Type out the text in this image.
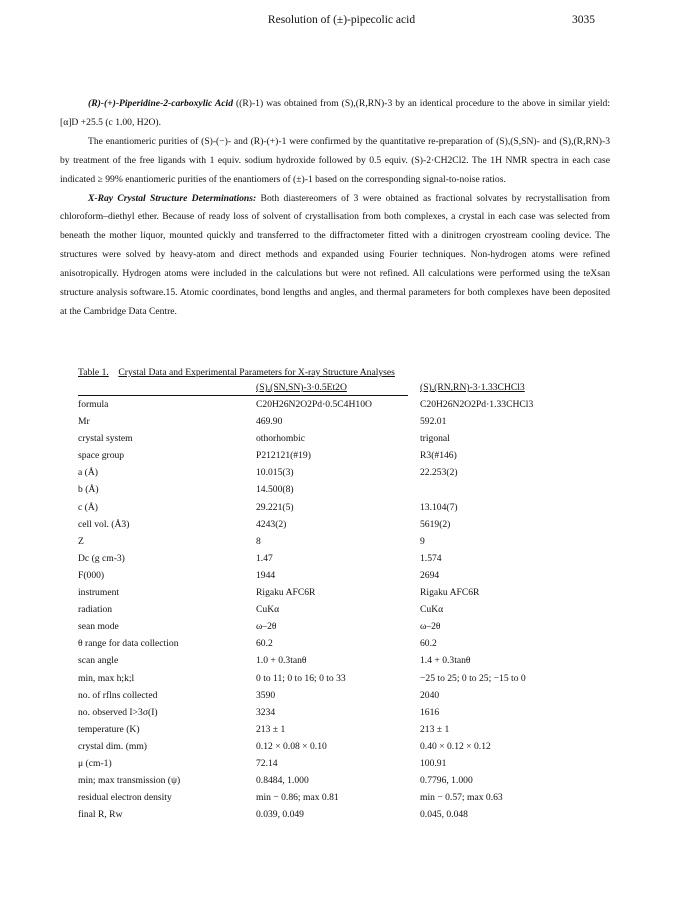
Resolution of (±)-pipecolic acid	3035

(R)-(+)-Piperidine-2-carboxylic Acid ((R)-1) was obtained from (S),(R,RN)-3 by an identical procedure to the above in similar yield: [α]D +25.5 (c 1.00, H2O).

The enantiomeric purities of (S)-(−)- and (R)-(+)-1 were confirmed by the quantitative re-preparation of (S),(S,SN)- and (S),(R,RN)-3 by treatment of the free ligands with 1 equiv. sodium hydroxide followed by 0.5 equiv. (S)-2·CH2Cl2. The 1H NMR spectra in each case indicated ≥ 99% enantiomeric purities of the enantiomers of (±)-1 based on the corresponding signal-to-noise ratios.

X-Ray Crystal Structure Determinations: Both diastereomers of 3 were obtained as fractional solvates by recrystallisation from chloroform–diethyl ether. Because of ready loss of solvent of crystallisation from both complexes, a crystal in each case was selected from beneath the mother liquor, mounted quickly and transferred to the diffractometer fitted with a dinitrogen cryostream cooling device. The structures were solved by heavy-atom and direct methods and expanded using Fourier techniques. Non-hydrogen atoms were refined anisotropically. Hydrogen atoms were included in the calculations but were not refined. All calculations were performed using the teXsan structure analysis software.15. Atomic coordinates, bond lengths and angles, and thermal parameters for both complexes have been deposited at the Cambridge Data Centre.

Table 1. Crystal Data and Experimental Parameters for X-ray Structure Analyses
(S),(SN,SN)-3·0.5Et2O	(S),(RN,RN)-3·1.33CHCl3
formula	C20H26N2O2Pd·0.5C4H10O	C20H26N2O2Pd·1.33CHCl3
Mr	469.90	592.01
crystal system	othorhombic	trigonal
space group	P212121(#19)	R3(#146)
a (Å)	10.015(3)	22.253(2)
b (Å)	14.500(8)
c (Å)	29.221(5)	13.104(7)
cell vol. (Å3)	4243(2)	5619(2)
Z	8	9
Dc (g cm-3)	1.47	1.574
F(000)	1944	2694
instrument	Rigaku AFC6R	Rigaku AFC6R
radiation	CuKα	CuKα
sean mode	ω–2θ	ω–2θ
θ range for data collection	60.2	60.2
scan angle	1.0 + 0.3tanθ	1.4 + 0.3tanθ
min, max h;k;l	0 to 11; 0 to 16; 0 to 33	−25 to 25; 0 to 25; −15 to 0
no. of rflns collected	3590	2040
no. observed I>3σ(I)	3234	1616
temperature (K)	213 ± 1	213 ± 1
crystal dim. (mm)	0.12 × 0.08 × 0.10	0.40 × 0.12 × 0.12
μ (cm-1)	72.14	100.91
min; max transmission (ψ)	0.8484, 1.000	0.7796, 1.000
residual electron density	min − 0.86; max 0.81	min − 0.57; max 0.63
final R, Rw	0.039, 0.049	0.045, 0.048
